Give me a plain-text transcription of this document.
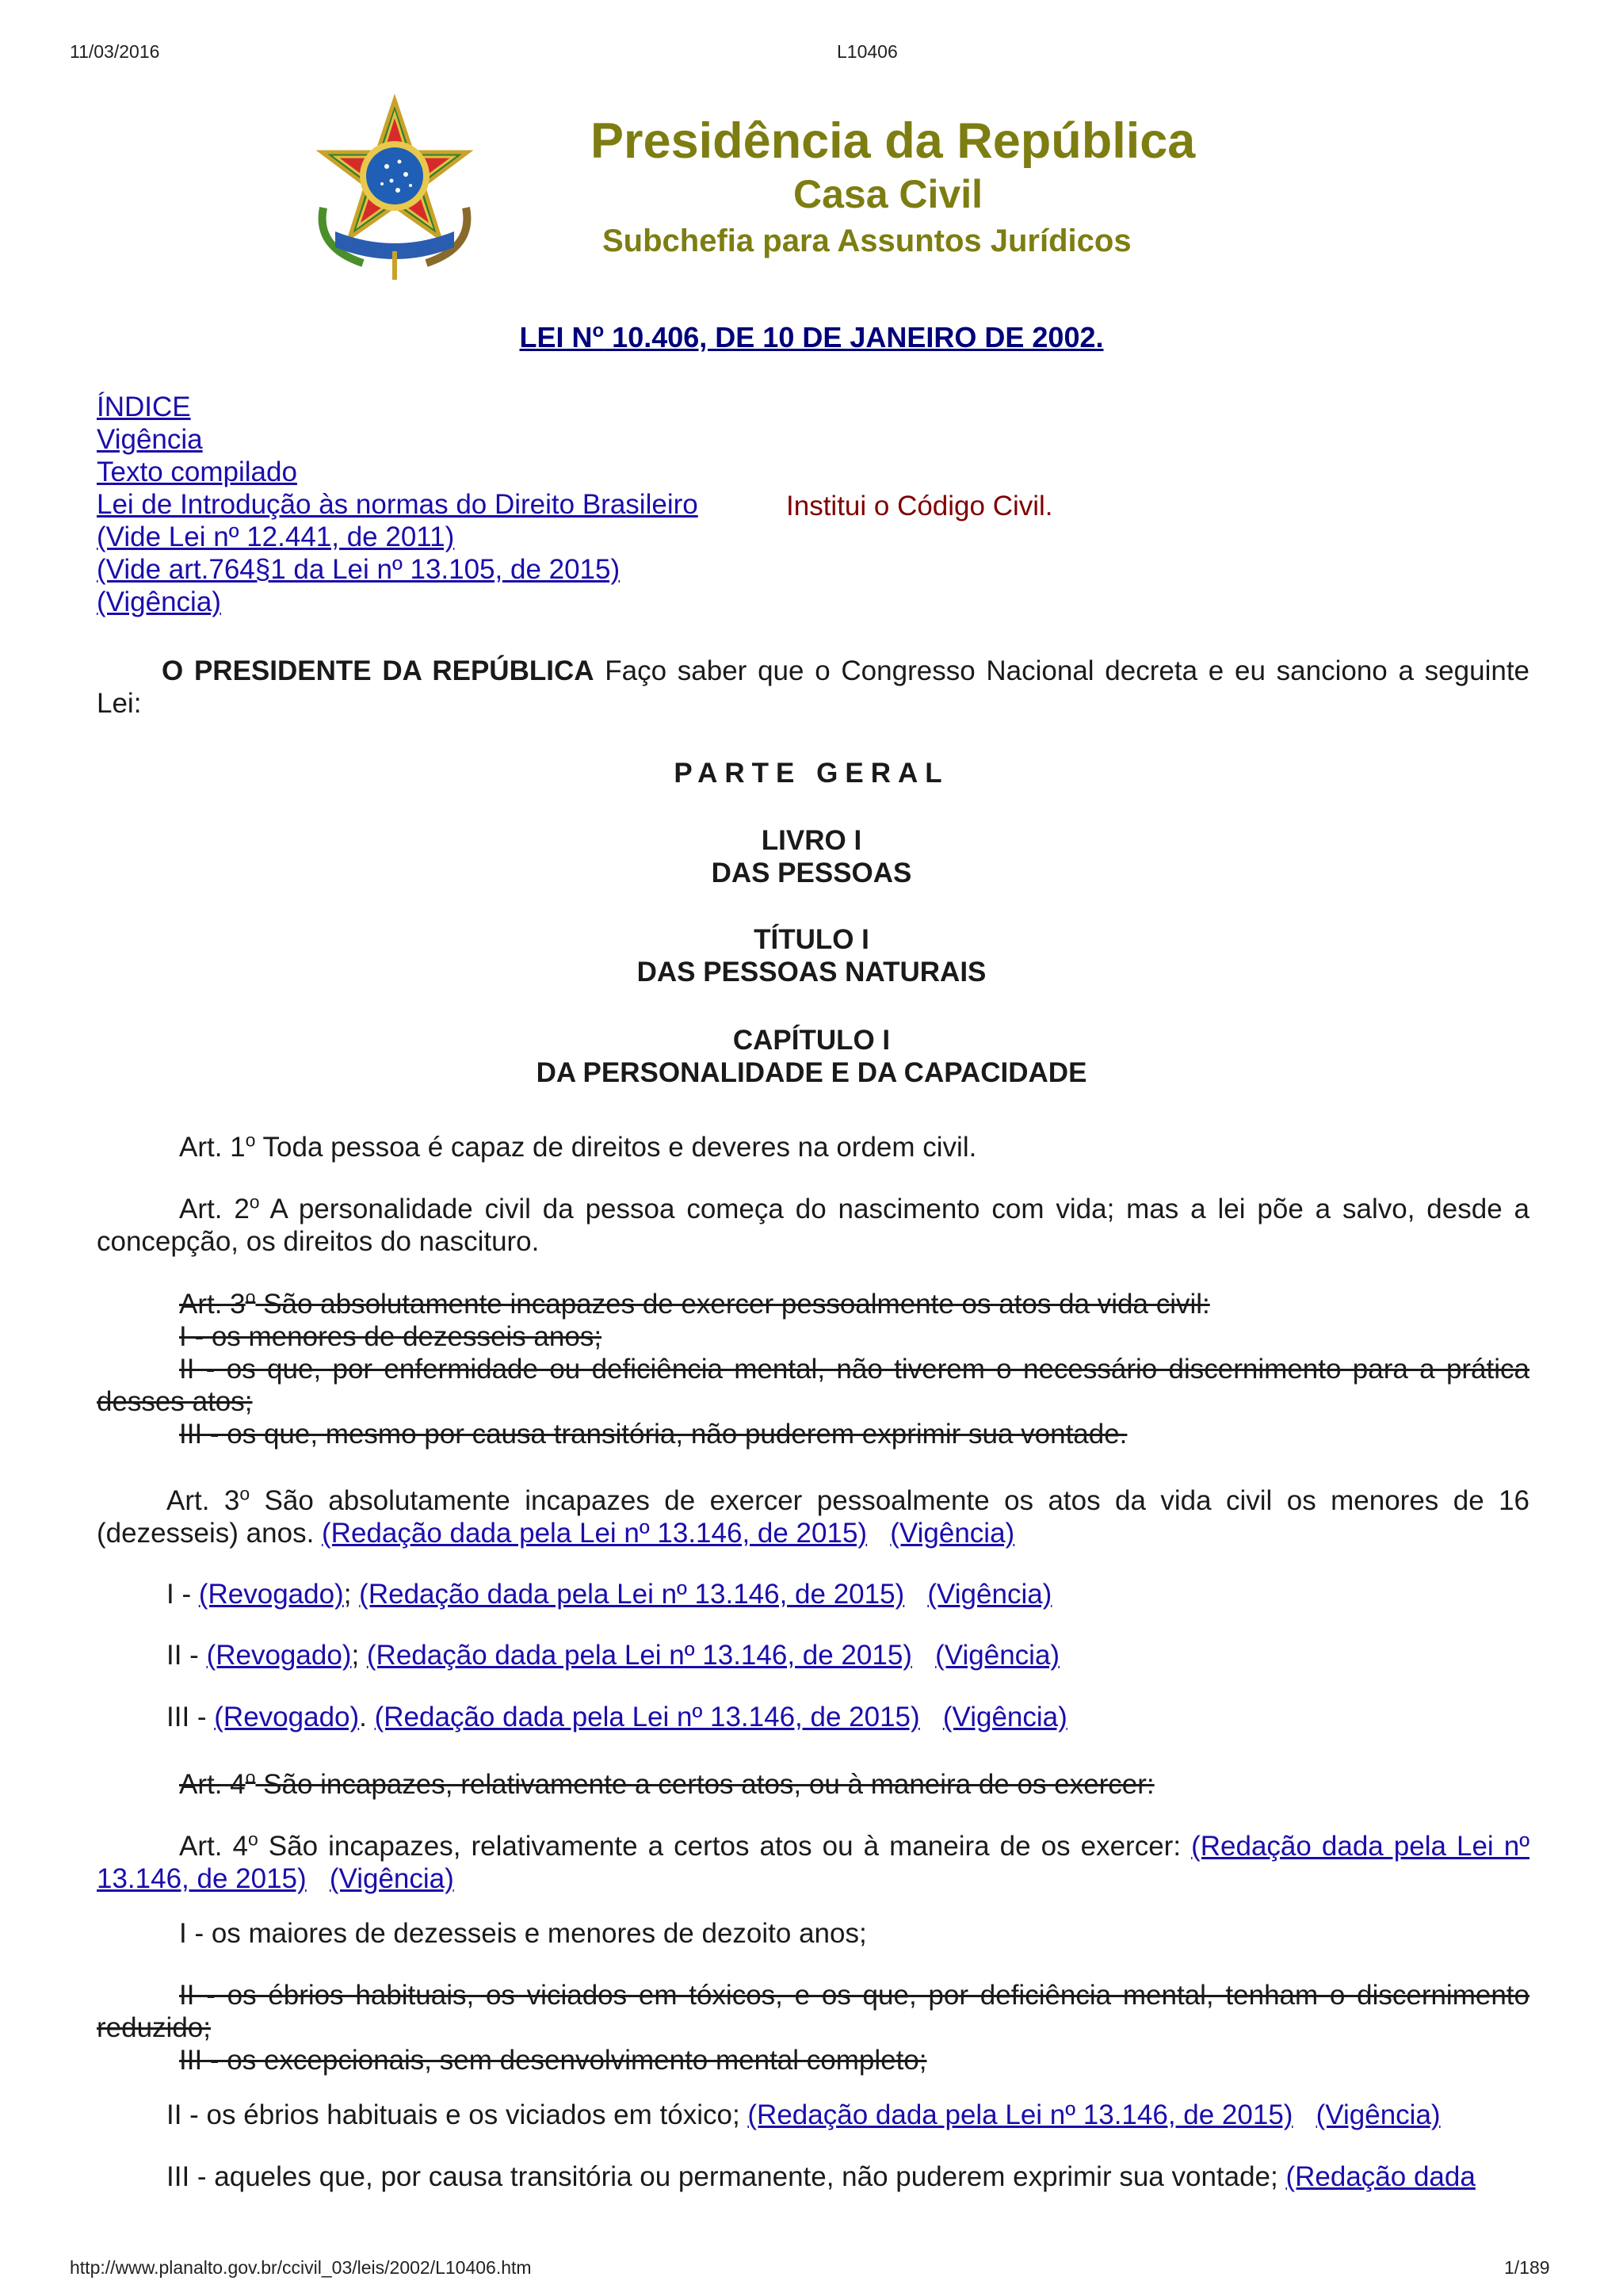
11/03/2016	L10406
Presidência da República
Casa Civil
Subchefia para Assuntos Jurídicos
LEI N$^o$ 10.406, DE 10 DE JANEIRO DE 2002.
ÍNDICE
Vigência
Texto compilado
Lei de Introdução às normas do Direito Brasileiro
(Vide Lei nº 12.441, de 2011)
(Vide art.764§1 da Lei nº 13.105, de 2015)
(Vigência)
Institui o Código Civil.
O PRESIDENTE DA REPÚBLICA Faço saber que o Congresso Nacional decreta e eu sanciono a seguinte Lei:
PARTE GERAL
LIVRO I
DAS PESSOAS
TÍTULO I
DAS PESSOAS NATURAIS
CAPÍTULO I
DA PERSONALIDADE E DA CAPACIDADE
Art. 1$^o$ Toda pessoa é capaz de direitos e deveres na ordem civil.
Art. 2$^o$ A personalidade civil da pessoa começa do nascimento com vida; mas a lei põe a salvo, desde a concepção, os direitos do nascituro.
Art. 3$^o$ São absolutamente incapazes de exercer pessoalmente os atos da vida civil:
I - os menores de dezesseis anos;
II - os que, por enfermidade ou deficiência mental, não tiverem o necessário discernimento para a prática desses atos;
III - os que, mesmo por causa transitória, não puderem exprimir sua vontade.
Art. 3$^o$ São absolutamente incapazes de exercer pessoalmente os atos da vida civil os menores de 16 (dezesseis) anos. (Redação dada pela Lei nº 13.146, de 2015) (Vigência)
I - (Revogado); (Redação dada pela Lei nº 13.146, de 2015) (Vigência)
II - (Revogado); (Redação dada pela Lei nº 13.146, de 2015) (Vigência)
III - (Revogado). (Redação dada pela Lei nº 13.146, de 2015) (Vigência)
Art. 4$^o$ São incapazes, relativamente a certos atos, ou à maneira de os exercer:
Art. 4$^o$ São incapazes, relativamente a certos atos ou à maneira de os exercer: (Redação dada pela Lei nº 13.146, de 2015) (Vigência)
I - os maiores de dezesseis e menores de dezoito anos;
II - os ébrios habituais, os viciados em tóxicos, e os que, por deficiência mental, tenham o discernimento reduzido;
III - os excepcionais, sem desenvolvimento mental completo;
II - os ébrios habituais e os viciados em tóxico; (Redação dada pela Lei nº 13.146, de 2015) (Vigência)
III - aqueles que, por causa transitória ou permanente, não puderem exprimir sua vontade; (Redação dada
http://www.planalto.gov.br/ccivil_03/leis/2002/L10406.htm	1/189
